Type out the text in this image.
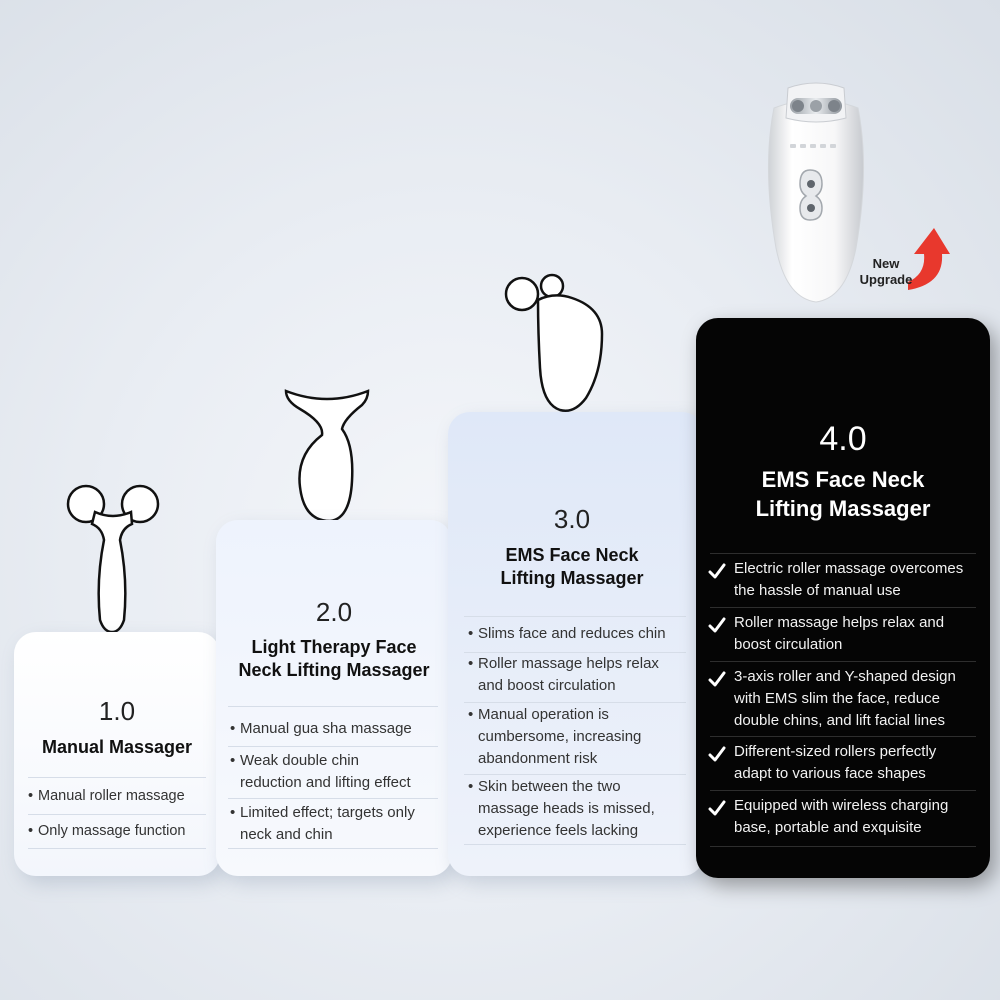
New
Upgrade
1.0
Manual Massager
• Manual roller massage
• Only massage function
2.0
Light Therapy Face
Neck Lifting Massager
• Manual gua sha massage
• Weak double chin
reduction and lifting effect
• Limited effect; targets only
neck and chin
3.0
EMS Face Neck
Lifting Massager
• Slims face and reduces chin
• Roller massage helps relax
and boost circulation
• Manual operation is
cumbersome, increasing
abandonment risk
• Skin between the two
massage heads is missed,
experience feels lacking
4.0
EMS Face Neck
Lifting Massager
Electric roller massage overcomes
the hassle of manual use
Roller massage helps relax and
boost circulation
3-axis roller and Y-shaped design
with EMS slim the face, reduce
double chins, and lift facial lines
Different-sized rollers perfectly
adapt to various face shapes
Equipped with wireless charging
base, portable and exquisite
